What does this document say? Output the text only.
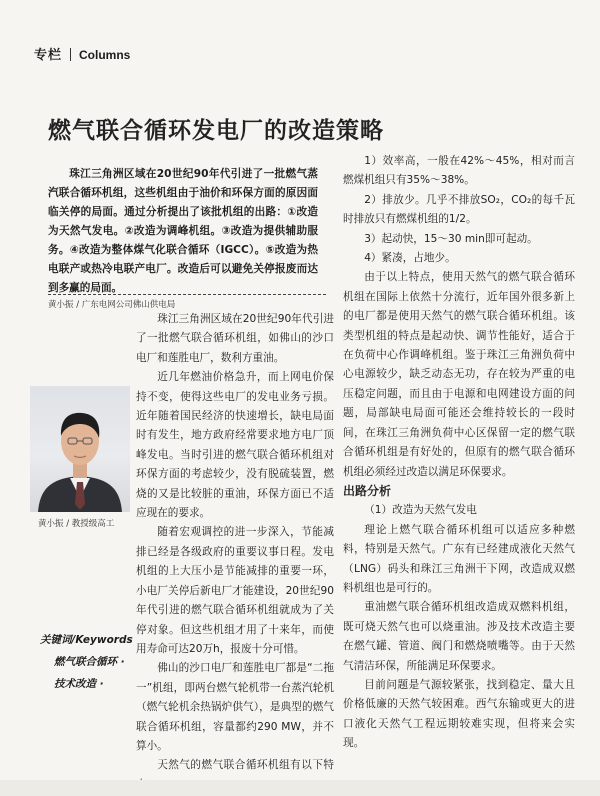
专栏 Columns
燃气联合循环发电厂的改造策略
珠江三角洲区域在20世纪90年代引进了一批燃气蒸汽联合循环机组，这些机组由于油价和环保方面的原因面临关停的局面。通过分析提出了该批机组的出路：①改造为天然气发电。②改造为调峰机组。③改造为提供辅助服务。④改造为整体煤气化联合循环（IGCC）。⑤改造为热电联产或热冷电联产电厂。改造后可以避免关停报废而达到多赢的局面。
黄小振 / 广东电网公司佛山供电局
黄小振 / 教授级高工
关键词/Keywords
燃气联合循环 ·
技术改造 ·

珠江三角洲区域在20世纪90年代引进了一批燃气联合循环机组，如佛山的沙口电厂和莲胜电厂，数利方重油。

近几年燃油价格急升，而上网电价保持不变，使得这些电厂的发电业务亏损。近年随着国民经济的快速增长，缺电局面时有发生，地方政府经常要求地方电厂顶峰发电。当时引进的燃气联合循环机组对环保方面的考虑较少，没有脱硫装置，燃烧的又是比较脏的重油，环保方面已不适应现在的要求。

随着宏观调控的进一步深入，节能减排已经是各级政府的重要议事日程。发电机组的上大压小是节能减排的重要一环，小电厂关停后新电厂才能建设，20世纪90年代引进的燃气联合循环机组就成为了关停对象。但这些机组才用了十来年，而使用寿命可达20万h，报废十分可惜。

佛山的沙口电厂和莲胜电厂都是“二拖一”机组，即两台燃气轮机带一台蒸汽轮机（燃气轮机余热锅炉供气），是典型的燃气联合循环机组，容量都约290 MW，并不算小。

天然气的燃气联合循环机组有以下特

1）效率高，一般在42%～45%，相对而言燃煤机组只有35%～38%。

2）排放少。几乎不排放SO₂，CO₂的每千瓦时排放只有燃煤机组的1/2。

3）起动快，15～30 min即可起动。

4）紧凑，占地少。

由于以上特点，使用天然气的燃气联合循环机组在国际上依然十分流行，近年国外很多新上的电厂都是使用天然气的燃气联合循环机组。该类型机组的特点是起动快、调节性能好，适合于在负荷中心作调峰机组。鉴于珠江三角洲负荷中心电源较少，缺乏动态无功，存在较为严重的电压稳定问题，而且由于电源和电网建设方面的问题，局部缺电局面可能还会维持较长的一段时间，在珠江三角洲负荷中心区保留一定的燃气联合循环机组是有好处的，但原有的燃气联合循环机组必须经过改造以满足环保要求。

出路分析

（1）改造为天然气发电

理论上燃气联合循环机组可以适应多种燃料，特别是天然气。广东有已经建成液化天然气（LNG）码头和珠江三角洲干下网，改造成双燃料机组也是可行的。

重油燃气联合循环机组改造成双燃料机组，既可烧天然气也可以烧重油。涉及技术改造主要在燃气罐、管道、阀门和燃烧喷嘴等。由于天然气清洁环保，所能满足环保要求。

目前问题是气源较紧张，找到稳定、量大且价格低廉的天然气较困难。西气东输或更大的进口液化天然气工程远期较难实现，但将来会实现。
